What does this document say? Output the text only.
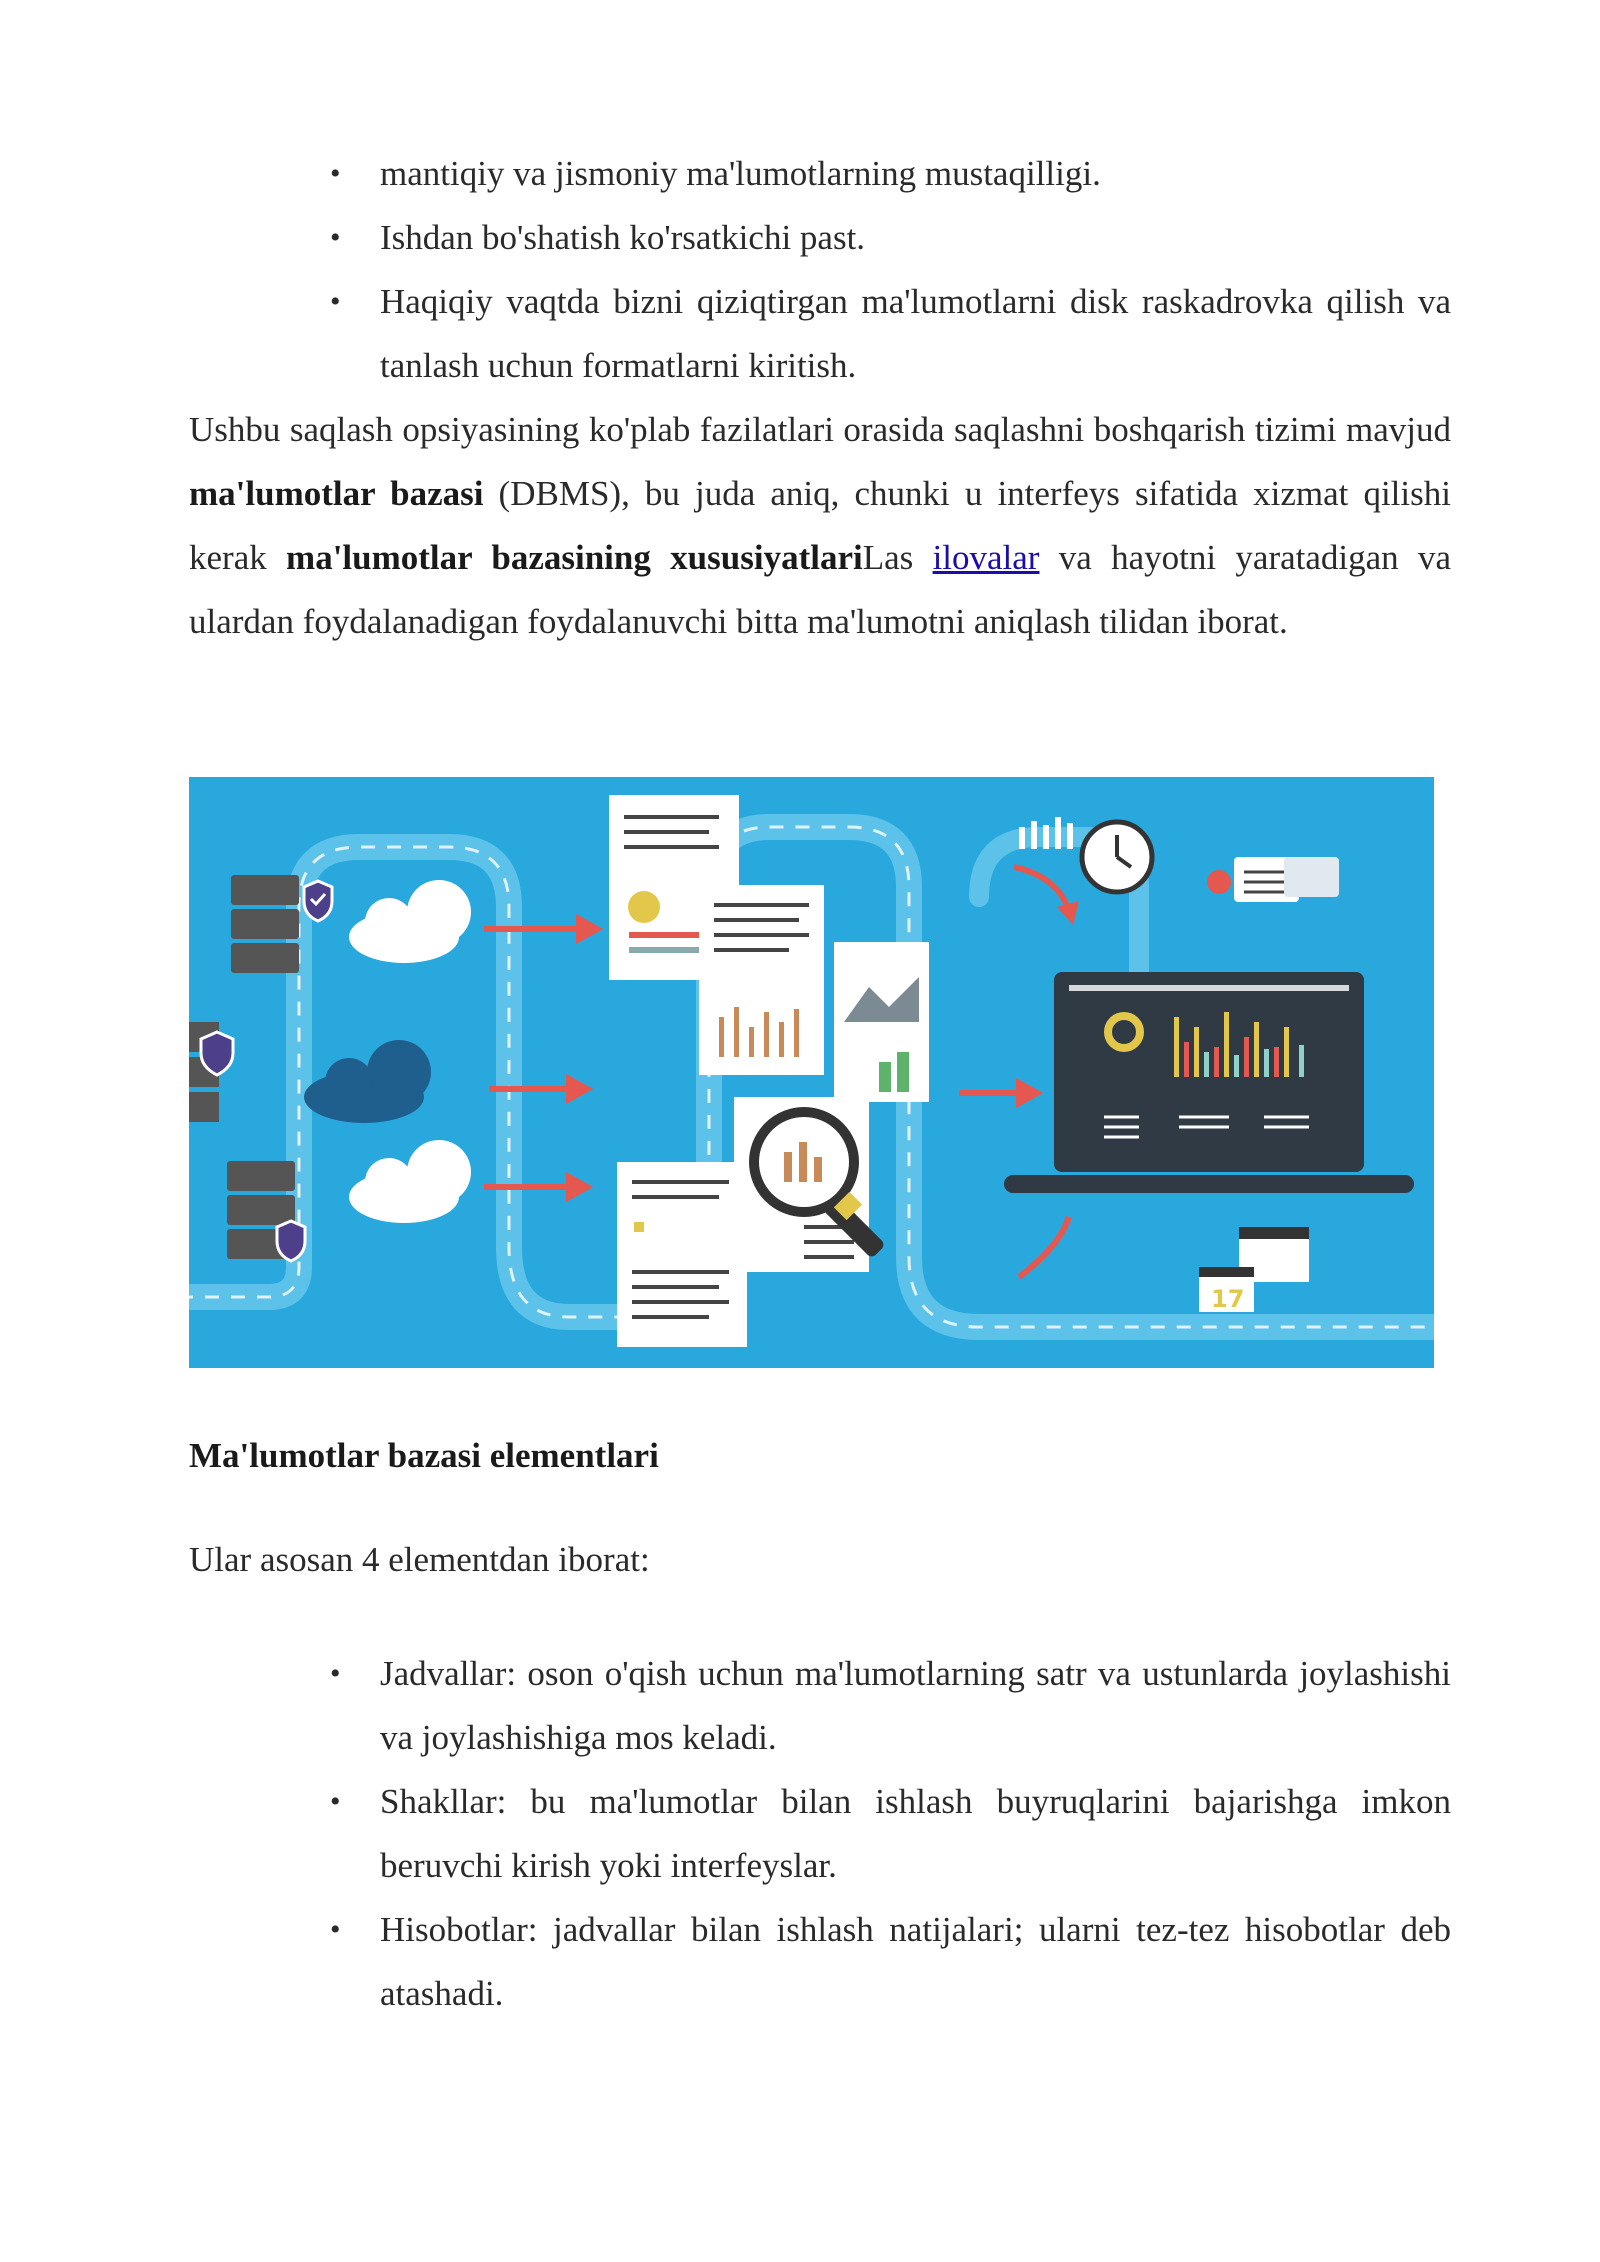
• mantiqiy va jismoniy ma'lumotlarning mustaqilligi.
• Ishdan bo'shatish ko'rsatkichi past.
• Haqiqiy vaqtda bizni qiziqtirgan ma'lumotlarni disk raskadrovka qilish va tanlash uchun formatlarni kiritish.

Ushbu saqlash opsiyasining ko'plab fazilatlari orasida saqlashni boshqarish tizimi mavjud ma'lumotlar bazasi (DBMS), bu juda aniq, chunki u interfeys sifatida xizmat qilishi kerak ma'lumotlar bazasining xususiyatlariLas ilovalar va hayotni yaratadigan va ulardan foydalanadigan foydalanuvchi bitta ma'lumotni aniqlash tilidan iborat.

17
Ma'lumotlar bazasi elementlari
Ular asosan 4 elementdan iborat:
• Jadvallar: oson o'qish uchun ma'lumotlarning satr va ustunlarda joylashishi va joylashishiga mos keladi.
• Shakllar: bu ma'lumotlar bilan ishlash buyruqlarini bajarishga imkon beruvchi kirish yoki interfeyslar.
• Hisobotlar: jadvallar bilan ishlash natijalari; ularni tez-tez hisobotlar deb atashadi.
